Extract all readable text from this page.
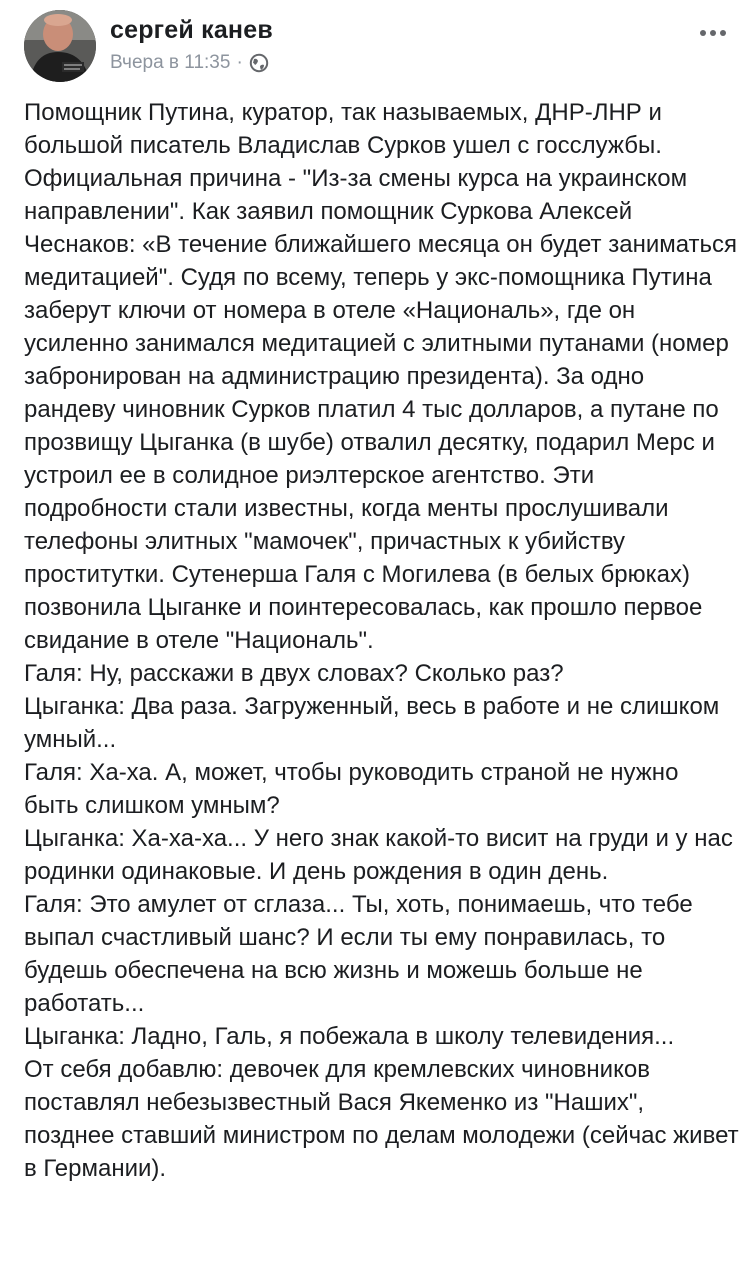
сергей канев
Вчера в 11:35 ·

Помощник Путина, куратор, так называемых, ДНР-ЛНР и большой писатель Владислав Сурков ушел с госслужбы. Официальная причина - "Из-за смены курса на украинском направлении". Как заявил помощник Суркова Алексей Чеснаков: «В течение ближайшего месяца он будет заниматься медитацией". Судя по всему, теперь у экс-помощника Путина заберут ключи от номера в отеле «Националь», где он усиленно занимался медитацией с элитными путанами (номер забронирован на администрацию президента). За одно рандеву чиновник Сурков платил 4 тыс долларов, а путане по прозвищу Цыганка (в шубе) отвалил десятку, подарил Мерс и устроил ее в солидное риэлтерское агентство. Эти подробности стали известны, когда менты прослушивали телефоны элитных "мамочек", причастных к убийству проститутки. Сутенерша Галя с Могилева (в белых брюках) позвонила Цыганке и поинтересовалась, как прошло первое свидание в отеле "Националь".

Галя: Ну, расскажи в двух словах? Сколько раз?

Цыганка: Два раза. Загруженный, весь в работе и не слишком умный...

Галя: Ха-ха. А, может, чтобы руководить страной не нужно быть слишком умным?

Цыганка: Ха-ха-ха... У него знак какой-то висит на груди и у нас родинки одинаковые. И день рождения в один день.

Галя: Это амулет от сглаза... Ты, хоть, понимаешь, что тебе выпал счастливый шанс? И если ты ему понравилась, то будешь обеспечена на всю жизнь и можешь больше не работать...

Цыганка: Ладно, Галь, я побежала в школу телевидения...

От себя добавлю: девочек для кремлевских чиновников поставлял небезызвестный Вася Якеменко из "Наших", позднее ставший министром по делам молодежи (сейчас живет в Германии).
